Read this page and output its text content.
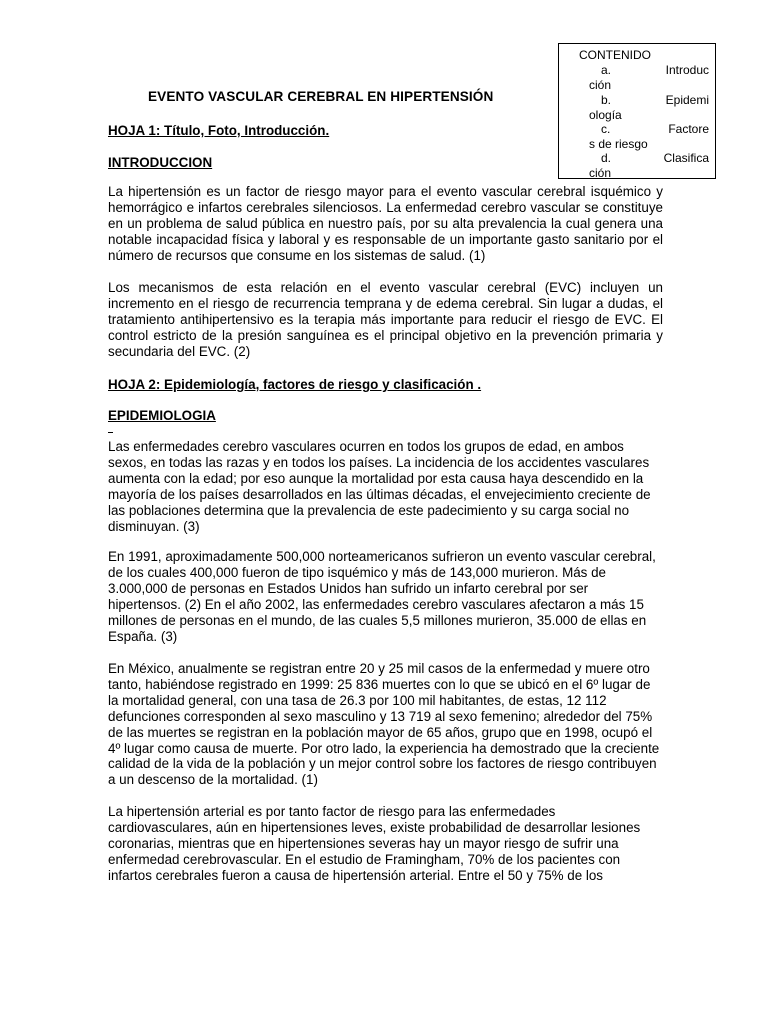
CONTENIDO
a.	Introduc
ción
b.	Epidemi
ología
c.	Factore
s de riesgo
d.	Clasifica
ción
EVENTO VASCULAR CEREBRAL EN HIPERTENSIÓN
HOJA 1: Título, Foto, Introducción.
INTRODUCCION

La hipertensión es un factor de riesgo mayor para el evento vascular cerebral isquémico y hemorrágico e infartos cerebrales silenciosos. La enfermedad cerebro vascular se constituye en un problema de salud pública en nuestro país, por su alta prevalencia la cual genera una notable incapacidad física y laboral y es responsable de un importante gasto sanitario por el número de recursos que consume en los sistemas de salud. (1)

Los mecanismos de esta relación en el evento vascular cerebral (EVC) incluyen un incremento en el riesgo de recurrencia temprana y de edema cerebral. Sin lugar a dudas, el tratamiento antihipertensivo es la terapia más importante para reducir el riesgo de EVC. El control estricto de la presión sanguínea es el principal objetivo en la prevención primaria y secundaria del EVC. (2)

HOJA 2: Epidemiología, factores de riesgo y clasificación .
EPIDEMIOLOGIA

Las enfermedades cerebro vasculares ocurren en todos los grupos de edad, en ambos sexos, en todas las razas y en todos los países. La incidencia de los accidentes vasculares aumenta con la edad; por eso aunque la mortalidad por esta causa haya descendido en la mayoría de los países desarrollados en las últimas décadas, el envejecimiento creciente de las poblaciones determina que la prevalencia de este padecimiento y su carga social no disminuyan. (3)

En 1991, aproximadamente 500,000 norteamericanos sufrieron un evento vascular cerebral, de los cuales 400,000 fueron de tipo isquémico y más de 143,000 murieron. Más de 3.000,000 de personas en Estados Unidos han sufrido un infarto cerebral por ser hipertensos. (2) En el año 2002, las enfermedades cerebro vasculares afectaron a más 15 millones de personas en el mundo, de las cuales 5,5 millones murieron, 35.000 de ellas en España. (3)

En México, anualmente se registran entre 20 y 25 mil casos de la enfermedad y muere otro tanto, habiéndose registrado en 1999: 25 836 muertes con lo que se ubicó en el 6º lugar de la mortalidad general, con una tasa de 26.3 por 100 mil habitantes, de estas, 12 112 defunciones corresponden al sexo masculino y 13 719 al sexo femenino; alrededor del 75% de las muertes se registran en la población mayor de 65 años, grupo que en 1998, ocupó el 4º lugar como causa de muerte. Por otro lado, la experiencia ha demostrado que la creciente calidad de la vida de la población y un mejor control sobre los factores de riesgo contribuyen a un descenso de la mortalidad. (1)

La hipertensión arterial es por tanto factor de riesgo para las enfermedades cardiovasculares, aún en hipertensiones leves, existe probabilidad de desarrollar lesiones coronarias, mientras que en hipertensiones severas hay un mayor riesgo de sufrir una enfermedad cerebrovascular. En el estudio de Framingham, 70% de los pacientes con infartos cerebrales fueron a causa de hipertensión arterial. Entre el 50 y 75% de los
